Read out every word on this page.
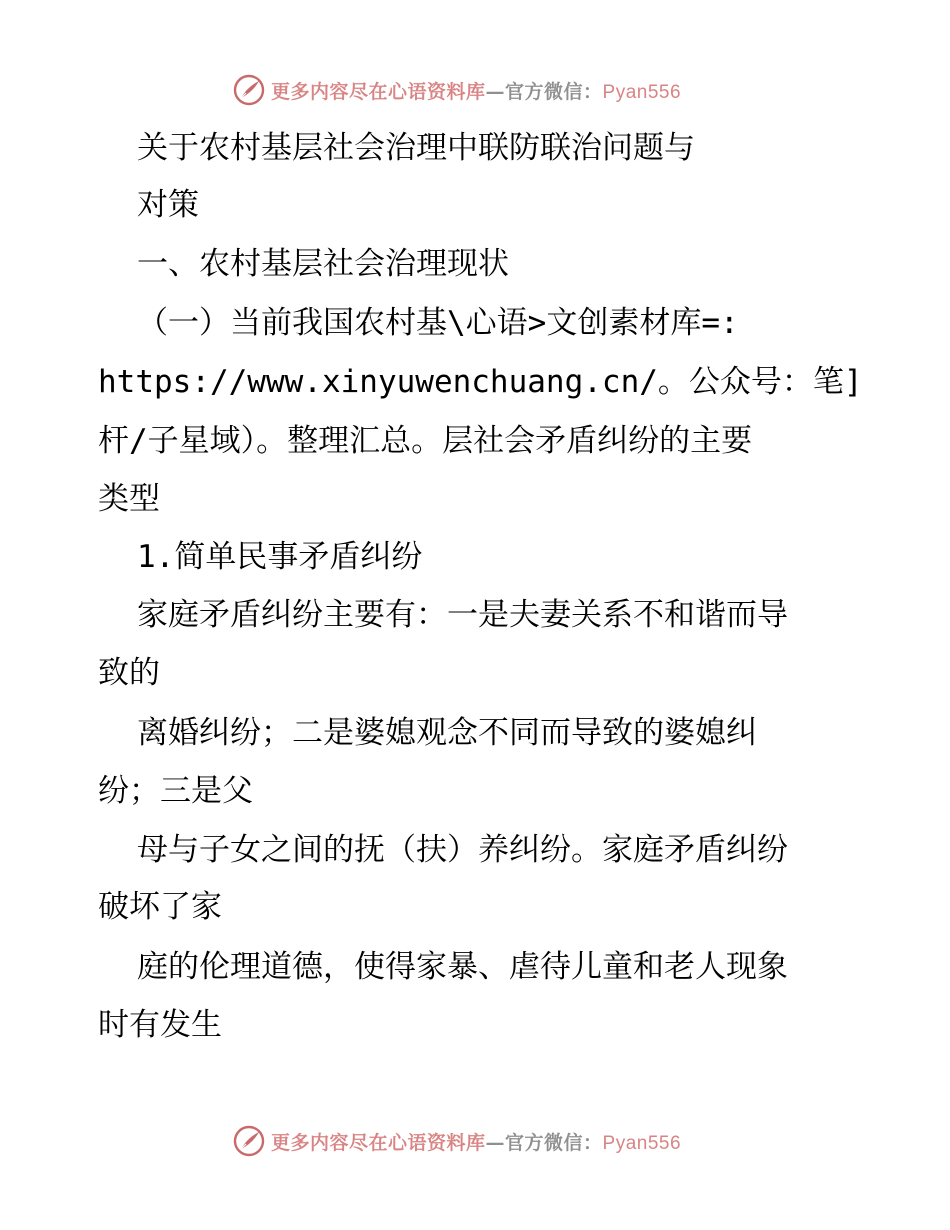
更多内容尽在心语资料库—官方微信：Pyan556
关于农村基层社会治理中联防联治问题与
对策
一、农村基层社会治理现状
（一）当前我国农村基\心语>文创素材库=:
https://www.xinyuwenchuang.cn/。公众号：笔]
杆/子星域）。整理汇总。层社会矛盾纠纷的主要
类型
1.简单民事矛盾纠纷
家庭矛盾纠纷主要有：一是夫妻关系不和谐而导
致的
离婚纠纷；二是婆媳观念不同而导致的婆媳纠
纷；三是父
母与子女之间的抚（扶）养纠纷。家庭矛盾纠纷
破坏了家
庭的伦理道德，使得家暴、虐待儿童和老人现象
时有发生
更多内容尽在心语资料库—官方微信：Pyan556
